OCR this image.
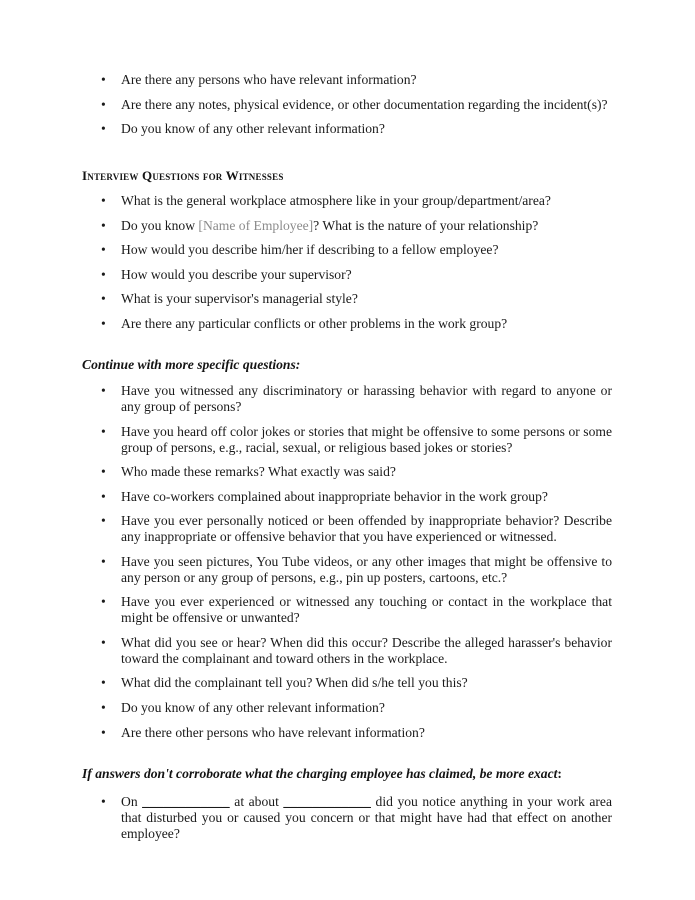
•	Are there any persons who have relevant information?
•	Are there any notes, physical evidence, or other documentation regarding the incident(s)?
•	Do you know of any other relevant information?
Interview Questions for Witnesses
•	What is the general workplace atmosphere like in your group/department/area?
•	Do you know [Name of Employee]? What is the nature of your relationship?
•	How would you describe him/her if describing to a fellow employee?
•	How would you describe your supervisor?
•	What is your supervisor's managerial style?
•	Are there any particular conflicts or other problems in the work group?
Continue with more specific questions:
•	Have you witnessed any discriminatory or harassing behavior with regard to anyone or any group of persons?
•	Have you heard off color jokes or stories that might be offensive to some persons or some group of persons, e.g., racial, sexual, or religious based jokes or stories?
•	Who made these remarks? What exactly was said?
•	Have co-workers complained about inappropriate behavior in the work group?
•	Have you ever personally noticed or been offended by inappropriate behavior? Describe any inappropriate or offensive behavior that you have experienced or witnessed.
•	Have you seen pictures, You Tube videos, or any other images that might be offensive to any person or any group of persons, e.g., pin up posters, cartoons, etc.?
•	Have you ever experienced or witnessed any touching or contact in the workplace that might be offensive or unwanted?
•	What did you see or hear? When did this occur? Describe the alleged harasser's behavior toward the complainant and toward others in the workplace.
•	What did the complainant tell you? When did s/he tell you this?
•	Do you know of any other relevant information?
•	Are there other persons who have relevant information?
If answers don't corroborate what the charging employee has claimed, be more exact:
•	On ____________ at about ____________ did you notice anything in your work area that disturbed you or caused you concern or that might have had that effect on another employee?
